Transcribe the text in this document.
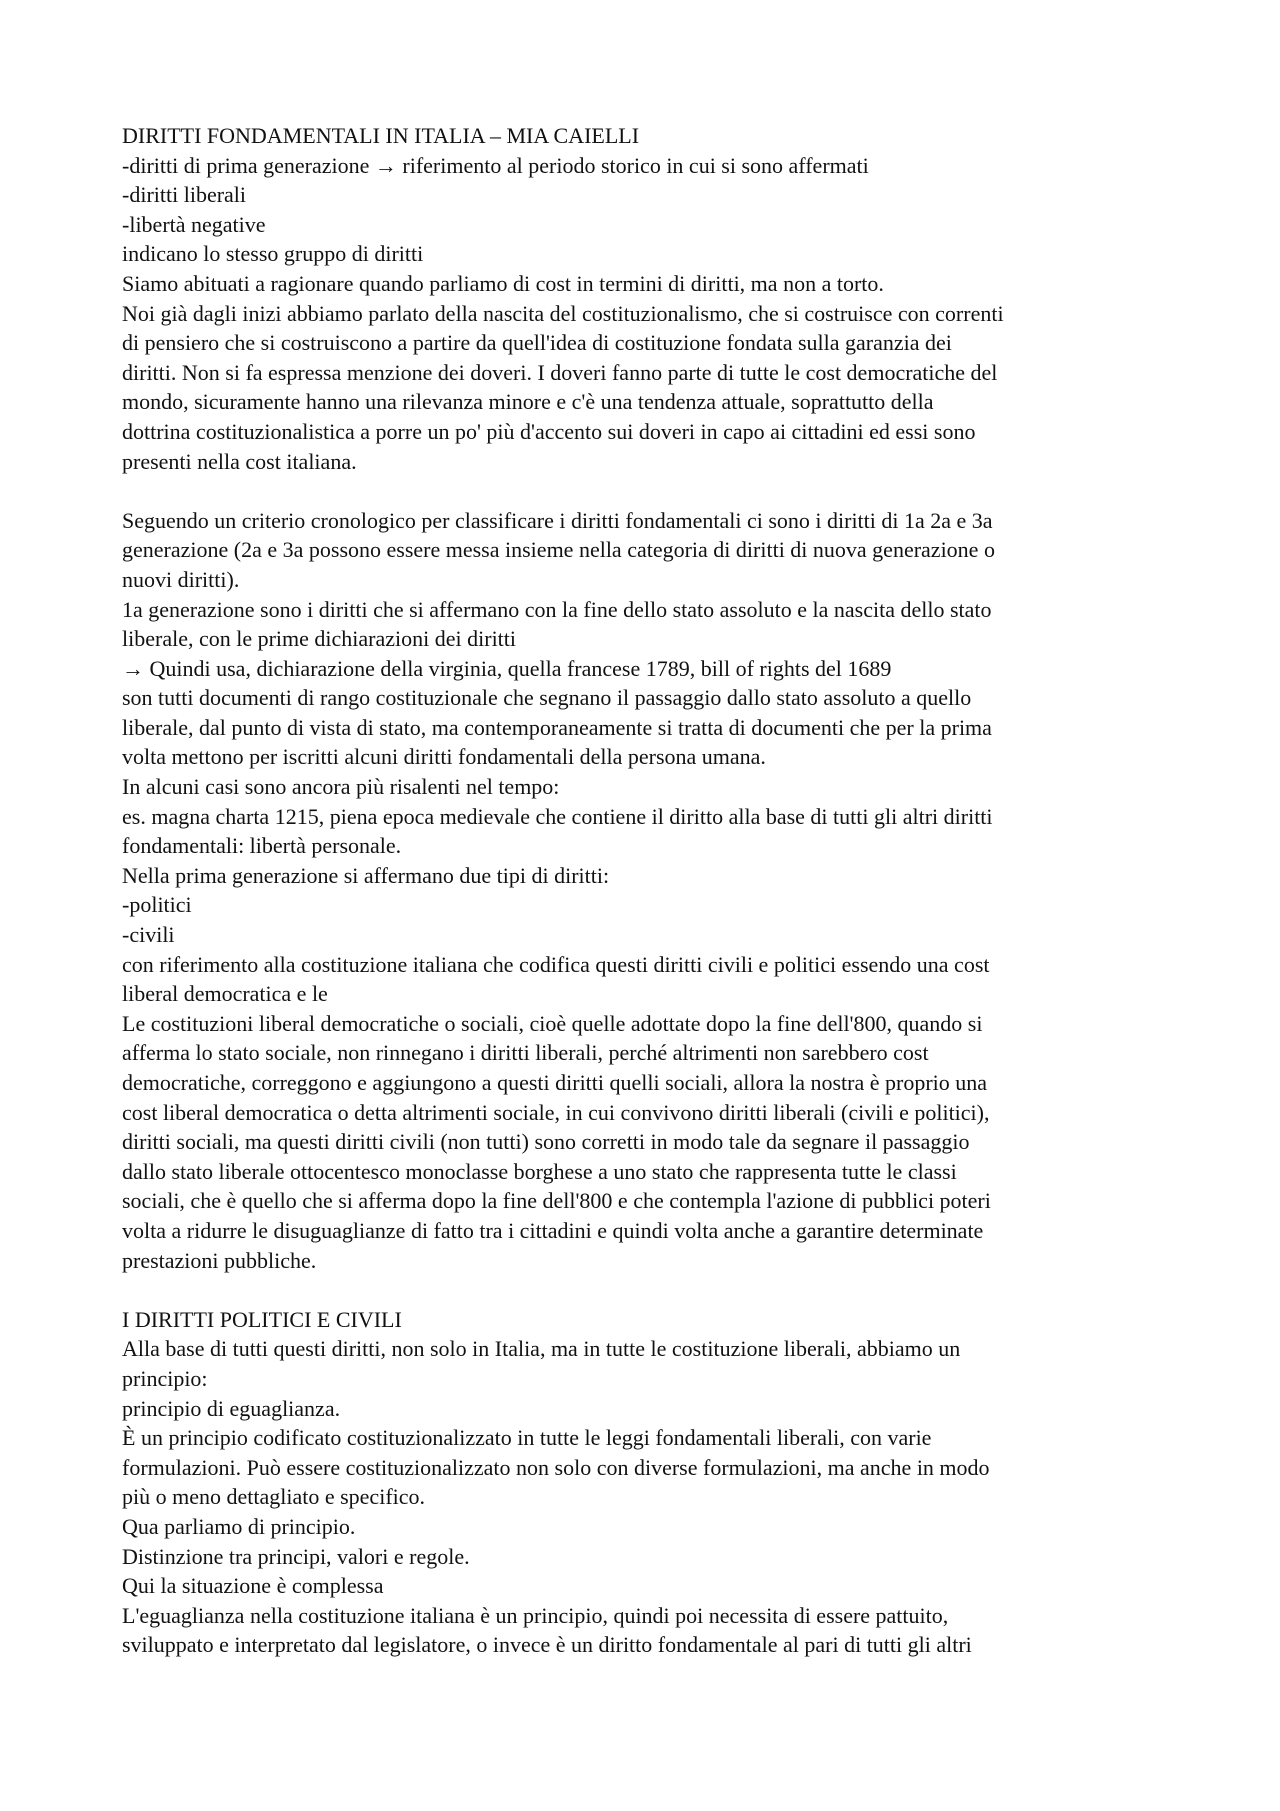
DIRITTI FONDAMENTALI IN ITALIA – MIA CAIELLI
-diritti di prima generazione → riferimento al periodo storico in cui si sono affermati
-diritti liberali
-libertà negative
indicano lo stesso gruppo di diritti
Siamo abituati a ragionare quando parliamo di cost in termini di diritti, ma non a torto.
Noi già dagli inizi abbiamo parlato della nascita del costituzionalismo, che si costruisce con correnti
di pensiero che si costruiscono a partire da quell'idea di costituzione fondata sulla garanzia dei
diritti. Non si fa espressa menzione dei doveri. I doveri fanno parte di tutte le cost democratiche del
mondo, sicuramente hanno una rilevanza minore e c'è una tendenza attuale, soprattutto della
dottrina costituzionalistica a porre un po' più d'accento sui doveri in capo ai cittadini ed essi sono
presenti nella cost italiana.
Seguendo un criterio cronologico per classificare i diritti fondamentali ci sono i diritti di 1a 2a e 3a
generazione (2a e 3a possono essere messa insieme nella categoria di diritti di nuova generazione o
nuovi diritti).
1a generazione sono i diritti che si affermano con la fine dello stato assoluto e la nascita dello stato
liberale, con le prime dichiarazioni dei diritti
→ Quindi usa, dichiarazione della virginia, quella francese 1789, bill of rights del 1689
son tutti documenti di rango costituzionale che segnano il passaggio dallo stato assoluto a quello
liberale, dal punto di vista di stato, ma contemporaneamente si tratta di documenti che per la prima
volta mettono per iscritti alcuni diritti fondamentali della persona umana.
In alcuni casi sono ancora più risalenti nel tempo:
es. magna charta 1215, piena epoca medievale che contiene il diritto alla base di tutti gli altri diritti
fondamentali: libertà personale.
Nella prima generazione si affermano due tipi di diritti:
-politici
-civili
con riferimento alla costituzione italiana che codifica questi diritti civili e politici essendo una cost
liberal democratica e le
Le costituzioni liberal democratiche o sociali, cioè quelle adottate dopo la fine dell'800, quando si
afferma lo stato sociale, non rinnegano i diritti liberali, perché altrimenti non sarebbero cost
democratiche, correggono e aggiungono a questi diritti quelli sociali, allora la nostra è proprio una
cost liberal democratica o detta altrimenti sociale, in cui convivono diritti liberali (civili e politici),
diritti sociali, ma questi diritti civili (non tutti) sono corretti in modo tale da segnare il passaggio
dallo stato liberale ottocentesco monoclasse borghese a uno stato che rappresenta tutte le classi
sociali, che è quello che si afferma dopo la fine dell'800 e che contempla l'azione di pubblici poteri
volta a ridurre le disuguaglianze di fatto tra i cittadini e quindi volta anche a garantire determinate
prestazioni pubbliche.
I DIRITTI POLITICI E CIVILI
Alla base di tutti questi diritti, non solo in Italia, ma in tutte le costituzione liberali, abbiamo un
principio:
principio di eguaglianza.
È un principio codificato costituzionalizzato in tutte le leggi fondamentali liberali, con varie
formulazioni. Può essere costituzionalizzato non solo con diverse formulazioni, ma anche in modo
più o meno dettagliato e specifico.
Qua parliamo di principio.
Distinzione tra principi, valori e regole.
Qui la situazione è complessa
L'eguaglianza nella costituzione italiana è un principio, quindi poi necessita di essere pattuito,
sviluppato e interpretato dal legislatore, o invece è un diritto fondamentale al pari di tutti gli altri
